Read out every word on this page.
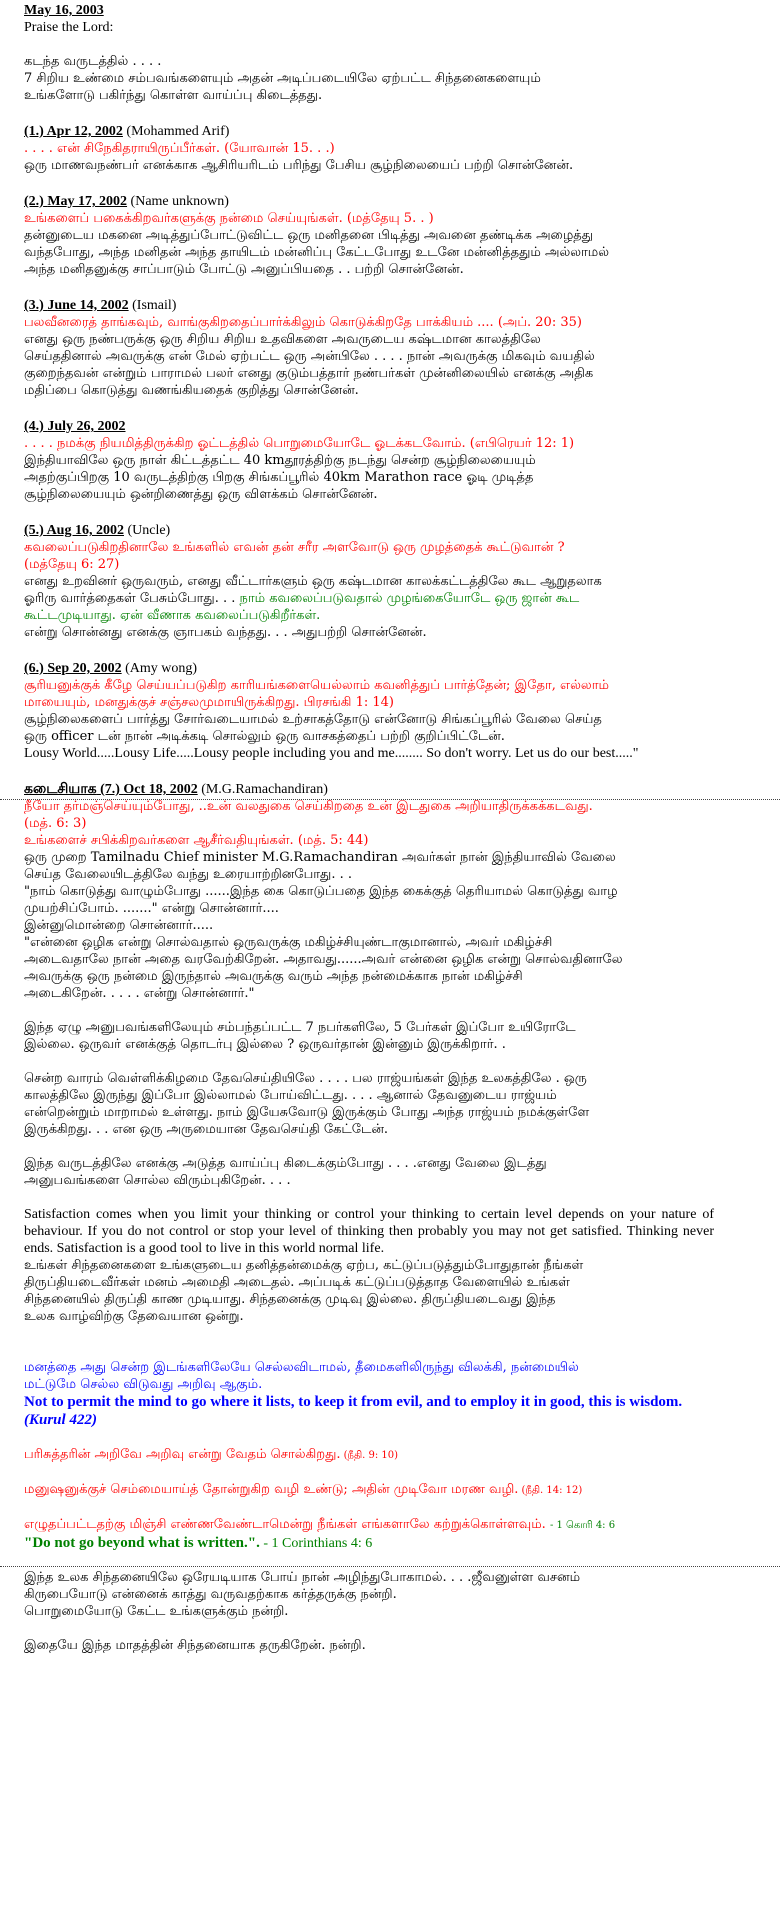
May 16, 2003

Praise the Lord:

கடந்த வருடத்தில் . . . .

7 சிறிய உண்மை சம்பவங்களையும் அதன் அடிப்படையிலே ஏற்பட்ட சிந்தனைகளையும்

உங்களோடு பகிர்ந்து கொள்ள வாய்ப்பு கிடைத்தது.

(1.) Apr 12, 2002 (Mohammed Arif)

. . . . என் சிநேகிதராயிருப்பீர்கள். (யோவான் 15. . .)

ஒரு மாணவநண்பர் எனக்காக ஆசிரியரிடம் பரிந்து பேசிய சூழ்நிலையைப் பற்றி சொன்னேன்.

(2.) May 17, 2002 (Name unknown)

உங்களைப் பகைக்கிறவர்களுக்கு நன்மை செய்யுங்கள். (மத்தேயு 5. . )

தன்னுடைய மகனை அடித்துப்போட்டுவிட்ட ஒரு மனிதனை பிடித்து அவனை தண்டிக்க அழைத்து

வந்தபோது, அந்த மனிதன் அந்த தாயிடம் மன்னிப்பு கேட்டபோது உடனே மன்னித்ததும் அல்லாமல்

அந்த மனிதனுக்கு சாப்பாடும் போட்டு அனுப்பியதை . . பற்றி சொன்னேன்.

(3.) June 14, 2002 (Ismail)

பலவீனரைத் தாங்கவும், வாங்குகிறதைப்பார்க்கிலும் கொடுக்கிறதே பாக்கியம் .... (அப். 20: 35)

எனது ஒரு நண்பருக்கு ஒரு சிறிய சிறிய உதவிகளை அவருடைய கஷ்டமான காலத்திலே

செய்ததினால் அவருக்கு என் மேல் ஏற்பட்ட ஒரு அன்பிலே . . . . நான் அவருக்கு மிகவும் வயதில்

குறைந்தவன் என்றும் பாராமல் பலர் எனது குடும்பத்தார் நண்பர்கள் முன்னிலையில் எனக்கு அதிக

மதிப்பை கொடுத்து வணங்கியதைக் குறித்து சொன்னேன்.

(4.) July 26, 2002

. . . . நமக்கு நியமித்திருக்கிற ஓட்டத்தில் பொறுமையோடே ஓடக்கடவோம். (எபிரெயர் 12: 1)

இந்தியாவிலே ஒரு நாள் கிட்டத்தட்ட 40 kmதூரத்திற்கு நடந்து சென்ற சூழ்நிலையையும்

அதற்குப்பிறகு 10 வருடத்திற்கு பிறகு சிங்கப்பூரில் 40km Marathon race ஓடி முடித்த

சூழ்நிலையையும் ஒன்றிணைத்து ஒரு விளக்கம் சொன்னேன்.

(5.) Aug 16, 2002 (Uncle)

கவலைப்படுகிறதினாலே உங்களில் எவன் தன் சரீர அளவோடு ஒரு முழத்தைக் கூட்டுவான் ?

(மத்தேயு 6: 27)

எனது உறவினர் ஒருவரும், எனது வீட்டார்களும் ஒரு கஷ்டமான காலக்கட்டத்திலே கூட ஆறுதலாக

ஓரிரு வார்த்தைகள் பேசும்போது. . . நாம் கவலைப்படுவதால் முழங்கையோடே ஒரு ஜான் கூட

கூட்டமுடியாது. ஏன் வீணாக கவலைப்படுகிறீர்கள்.

என்று சொன்னது எனக்கு ஞாபகம் வந்தது. . . அதுபற்றி சொன்னேன்.

(6.) Sep 20, 2002 (Amy wong)

சூரியனுக்குக் கீழே செய்யப்படுகிற காரியங்களையெல்லாம் கவனித்துப் பார்த்தேன்; இதோ, எல்லாம்

மாயையும், மனதுக்குச் சஞ்சலமுமாயிருக்கிறது. பிரசங்கி 1: 14)

சூழ்நிலைகளைப் பார்த்து சோர்வடையாமல் உற்சாகத்தோடு என்னோடு சிங்கப்பூரில் வேலை செய்த

ஒரு officer டன் நான் அடிக்கடி சொல்லும் ஒரு வாசகத்தைப் பற்றி குறிப்பிட்டேன்.

Lousy World.....Lousy Life.....Lousy people including you and me........ So don't worry. Let us do our best....."

கடைசியாக (7.) Oct 18, 2002 (M.G.Ramachandiran)

நீயோ தர்மஞ்செய்யும்போது, ..உன் வலதுகை செய்கிறதை உன் இடதுகை அறியாதிருக்கக்கடவது.

(மத். 6: 3)

உங்களைச் சபிக்கிறவர்களை ஆசீர்வதியுங்கள். (மத். 5: 44)

ஒரு முறை Tamilnadu Chief minister M.G.Ramachandiran அவர்கள் நான் இந்தியாவில் வேலை

செய்த வேலையிடத்திலே வந்து உரையாற்றினபோது. . .

"நாம் கொடுத்து வாழும்போது ......இந்த கை கொடுப்பதை இந்த கைக்குத் தெரியாமல் கொடுத்து வாழ

முயற்சிப்போம். ......." என்று சொன்னார்....

இன்னுமொன்றை சொன்னார்.....

"என்னை ஒழிக என்று சொல்வதால் ஒருவருக்கு மகிழ்ச்சியுண்டாகுமானால், அவர் மகிழ்ச்சி

அடைவதாலே நான் அதை வரவேற்கிறேன். அதாவது......அவர் என்னை ஒழிக என்று சொல்வதினாலே

அவருக்கு ஒரு நன்மை இருந்தால் அவருக்கு வரும் அந்த நன்மைக்காக நான் மகிழ்ச்சி

அடைகிறேன். . . . . என்று சொன்னார்."

இந்த ஏழு அனுபவங்களிலேயும் சம்பந்தப்பட்ட 7 நபர்களிலே, 5 பேர்கள் இப்போ உயிரோடே

இல்லை. ஒருவர் எனக்குத் தொடர்பு இல்லை ? ஒருவர்தான் இன்னும் இருக்கிறார். .

சென்ற வாரம் வெள்ளிக்கிழமை தேவசெய்தியிலே . . . . பல ராஜ்யங்கள் இந்த உலகத்திலே . ஒரு

காலத்திலே இருந்து இப்போ இல்லாமல் போய்விட்டது. . . . ஆனால் தேவனுடைய ராஜ்யம்

என்றென்றும் மாறாமல் உள்ளது. நாம் இயேசுவோடு இருக்கும் போது அந்த ராஜ்யம் நமக்குள்ளே

இருக்கிறது. . . என ஒரு அருமையான தேவசெய்தி கேட்டேன்.

இந்த வருடத்திலே எனக்கு அடுத்த வாய்ப்பு கிடைக்கும்போது . . . .எனது வேலை இடத்து

அனுபவங்களை சொல்ல விரும்புகிறேன். . . .

Satisfaction comes when you limit your thinking or control your thinking to certain level depends on your nature of behaviour. If you do not control or stop your level of thinking then probably you may not get satisfied. Thinking never ends. Satisfaction is a good tool to live in this world normal life.

உங்கள் சிந்தனைகளை உங்களுடைய தனித்தன்மைக்கு ஏற்ப, கட்டுப்படுத்தும்போதுதான் நீங்கள்

திருப்தியடைவீர்கள் மனம் அமைதி அடைதல். அப்படிக் கட்டுப்படுத்தாத வேளையில் உங்கள்

சிந்தனையில் திருப்தி காண முடியாது. சிந்தனைக்கு முடிவு இல்லை. திருப்தியடைவது இந்த

உலக வாழ்விற்கு தேவையான ஒன்று.

மனத்தை அது சென்ற இடங்களிலேயே செல்லவிடாமல், தீமைகளிலிருந்து விலக்கி, நன்மையில்

மட்டுமே செல்ல விடுவது அறிவு ஆகும்.

Not to permit the mind to go where it lists, to keep it from evil, and to employ it in good, this is wisdom. (Kurul 422)

பரிசுத்தரின் அறிவே அறிவு என்று வேதம் சொல்கிறது. (நீதி. 9: 10)

மனுஷனுக்குச் செம்மையாய்த் தோன்றுகிற வழி உண்டு; அதின் முடிவோ மரண வழி. (நீதி. 14: 12)

எழுதப்பட்டதற்கு மிஞ்சி எண்ணவேண்டாமென்று நீங்கள் எங்களாலே கற்றுக்கொள்ளவும். - 1 கொரி 4: 6

"Do not go beyond what is written.". - 1 Corinthians 4: 6

இந்த உலக சிந்தனையிலே ஒரேயடியாக போய் நான் அழிந்துபோகாமல். . . .ஜீவனுள்ள வசனம்

கிருபையோடு என்னைக் காத்து வருவதற்காக கர்த்தருக்கு நன்றி.

பொறுமையோடு கேட்ட உங்களுக்கும் நன்றி.

இதையே இந்த மாதத்தின் சிந்தனையாக தருகிறேன். நன்றி.
